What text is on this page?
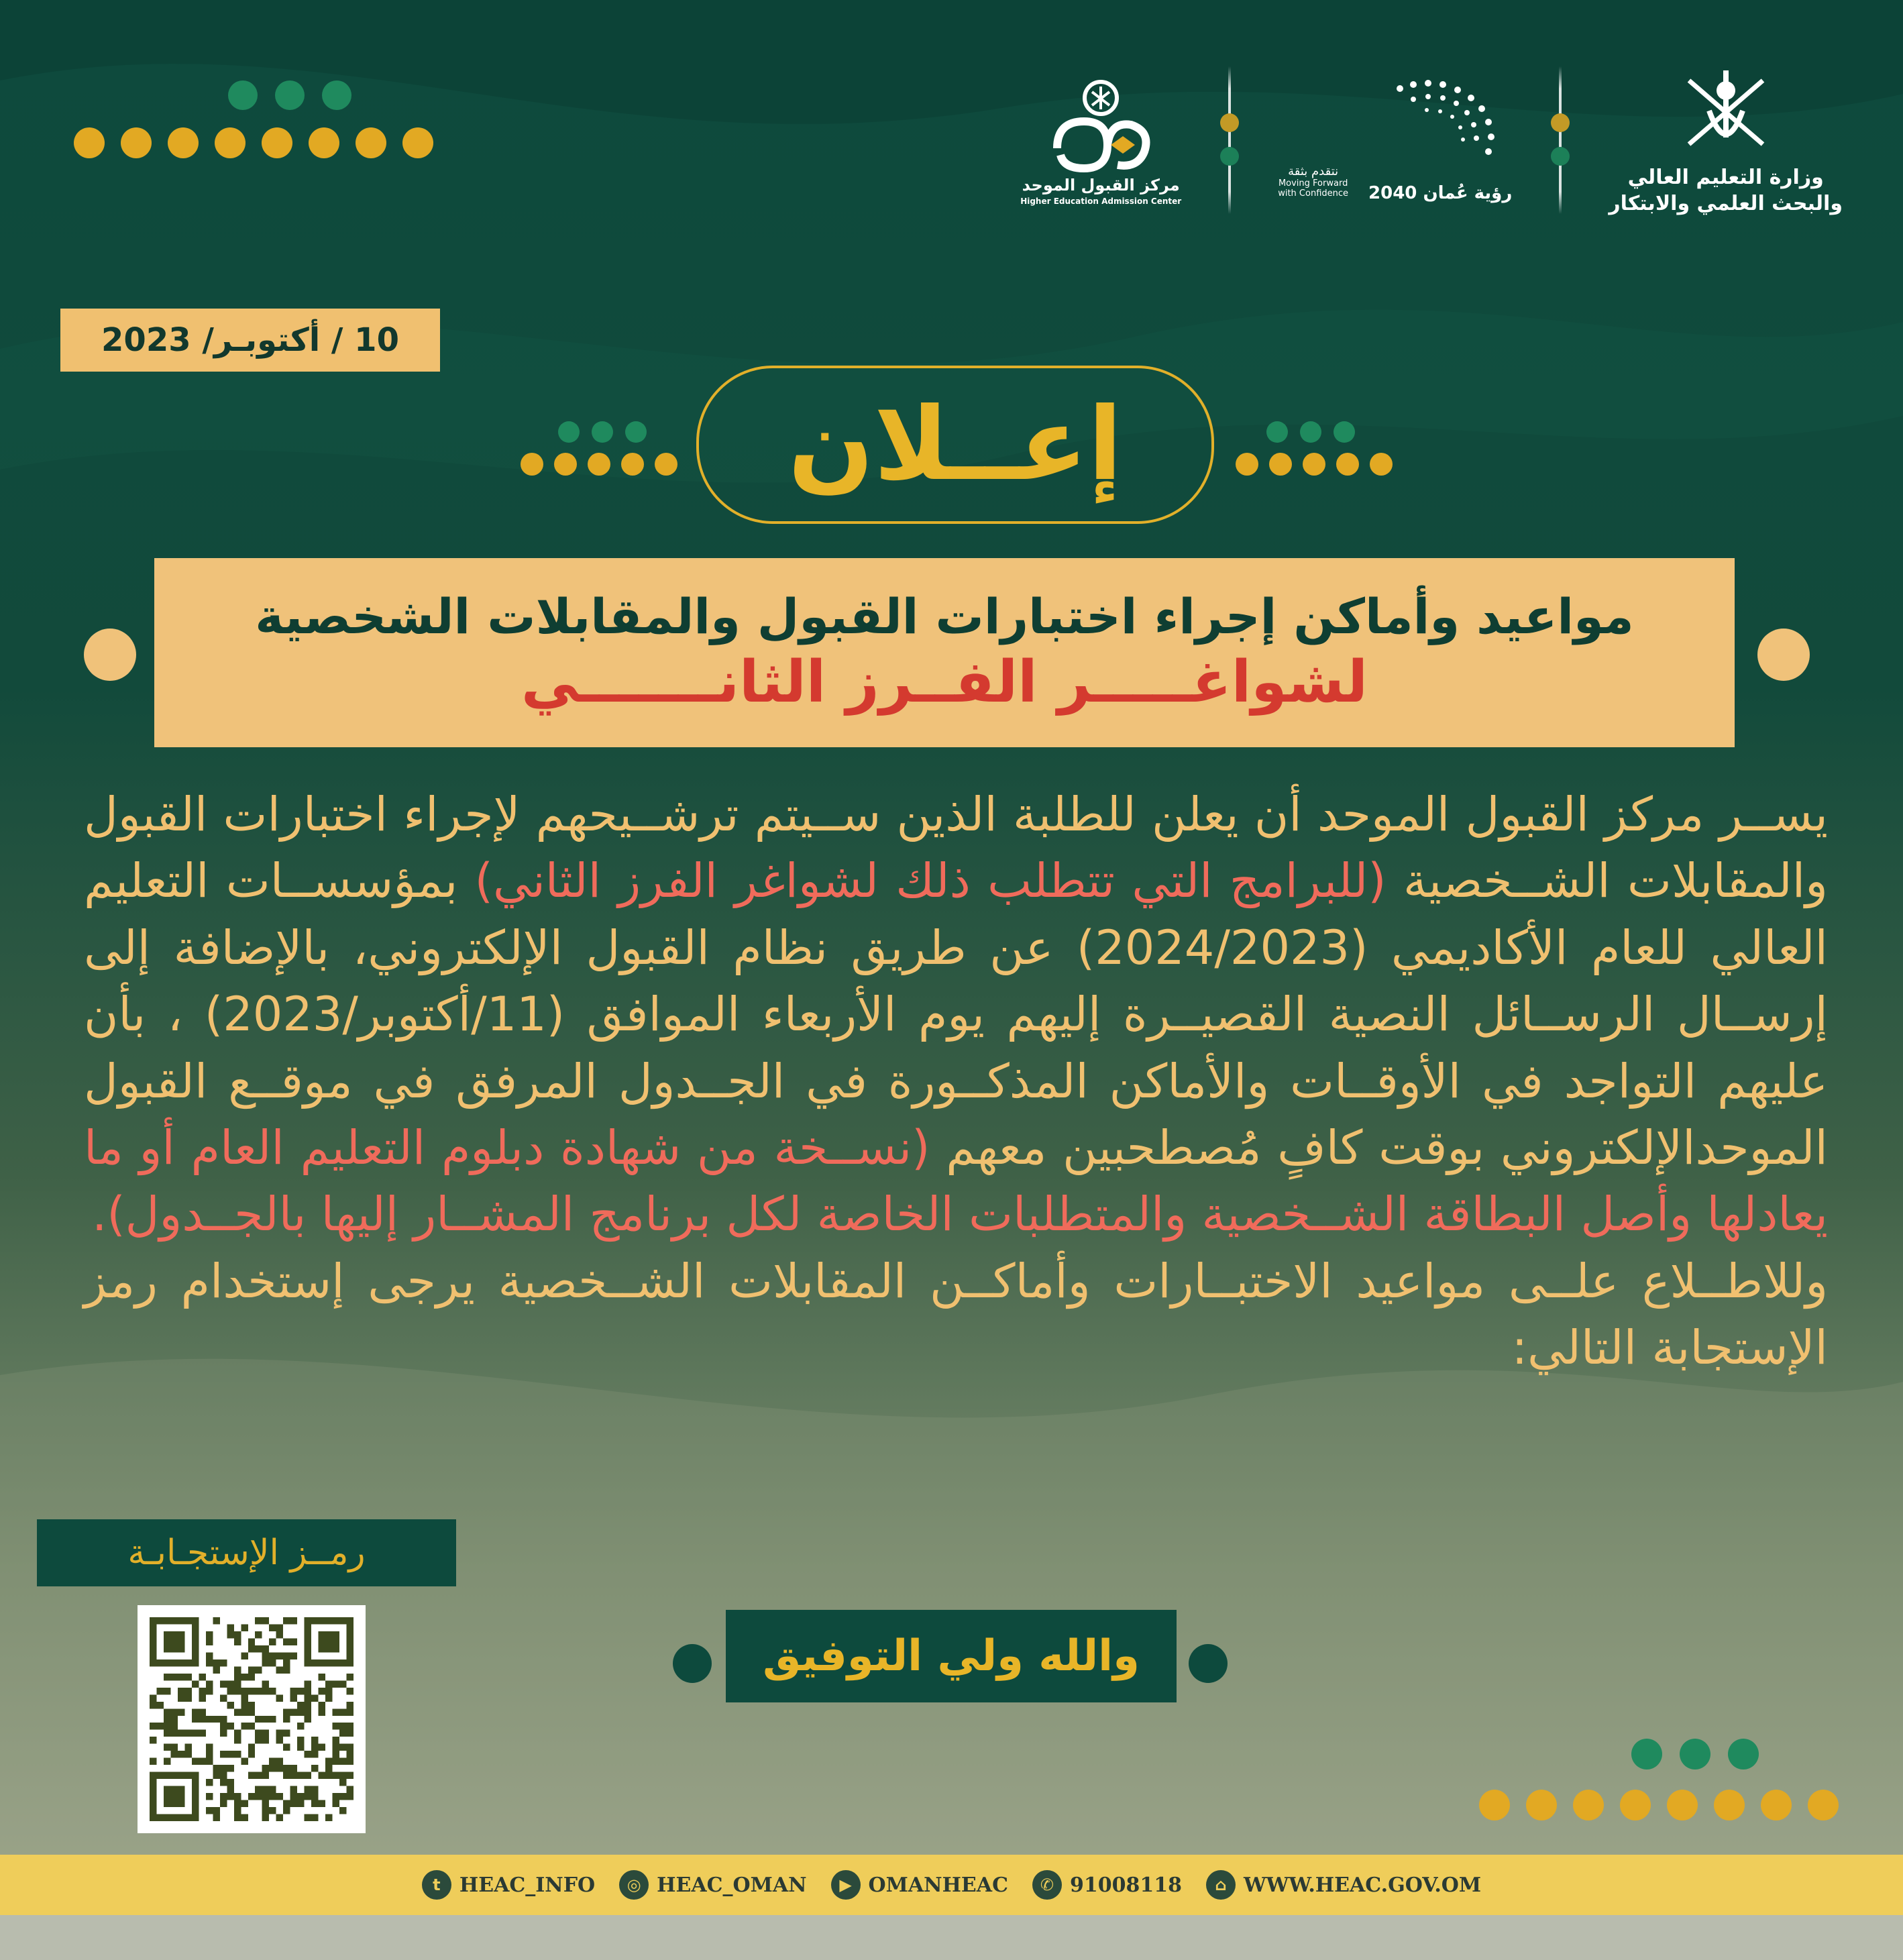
وزارة التعليم العالي
والبحث العلمي والابتكار
رؤية عُمان 2040
نتقدم بثقة
Moving Forward
with Confidence
مركز القبول الموحد
Higher Education Admission Center
10 / أكتوبـر/ 2023
إعــلان
مواعيد وأماكن إجراء اختبارات القبول والمقابلات الشخصية
لشواغـــــر الفــرز الثانـــــــي

يســر مركز القبول الموحد أن يعلن للطلبة الذين ســيتم ترشــيحهم لإجراء اختبارات القبول والمقابلات الشــخصية (للبرامج التي تتطلب ذلك لشواغر الفرز الثاني) بمؤسســات التعليم العالي للعام الأكاديمي (2024/2023) عن طريق نظام القبول الإلكتروني، بالإضافة إلى إرســال الرســائل النصية القصيــرة إليهم يوم الأربعاء الموافق (11/أكتوبر/2023) ، بأن عليهم التواجد في الأوقــات والأماكن المذكــورة في الجــدول المرفق في موقــع القبول الموحدالإلكتروني بوقت كافٍ مُصطحبين معهم (نســخة من شهادة دبلوم التعليم العام أو ما يعادلها وأصل البطاقة الشــخصية والمتطلبات الخاصة لكل برنامج المشــار إليها بالجــدول).

وللاطــلاع علــى مواعيد الاختبــارات وأماكــن المقابلات الشــخصية يرجى إستخدام رمز الإستجابة التالي:

رمــز الإستجـابـة
والله ولي التوفيق
t HEAC_INFO	◎ HEAC_OMAN	▶ OMANHEAC	✆ 91008118	⌂ WWW.HEAC.GOV.OM
